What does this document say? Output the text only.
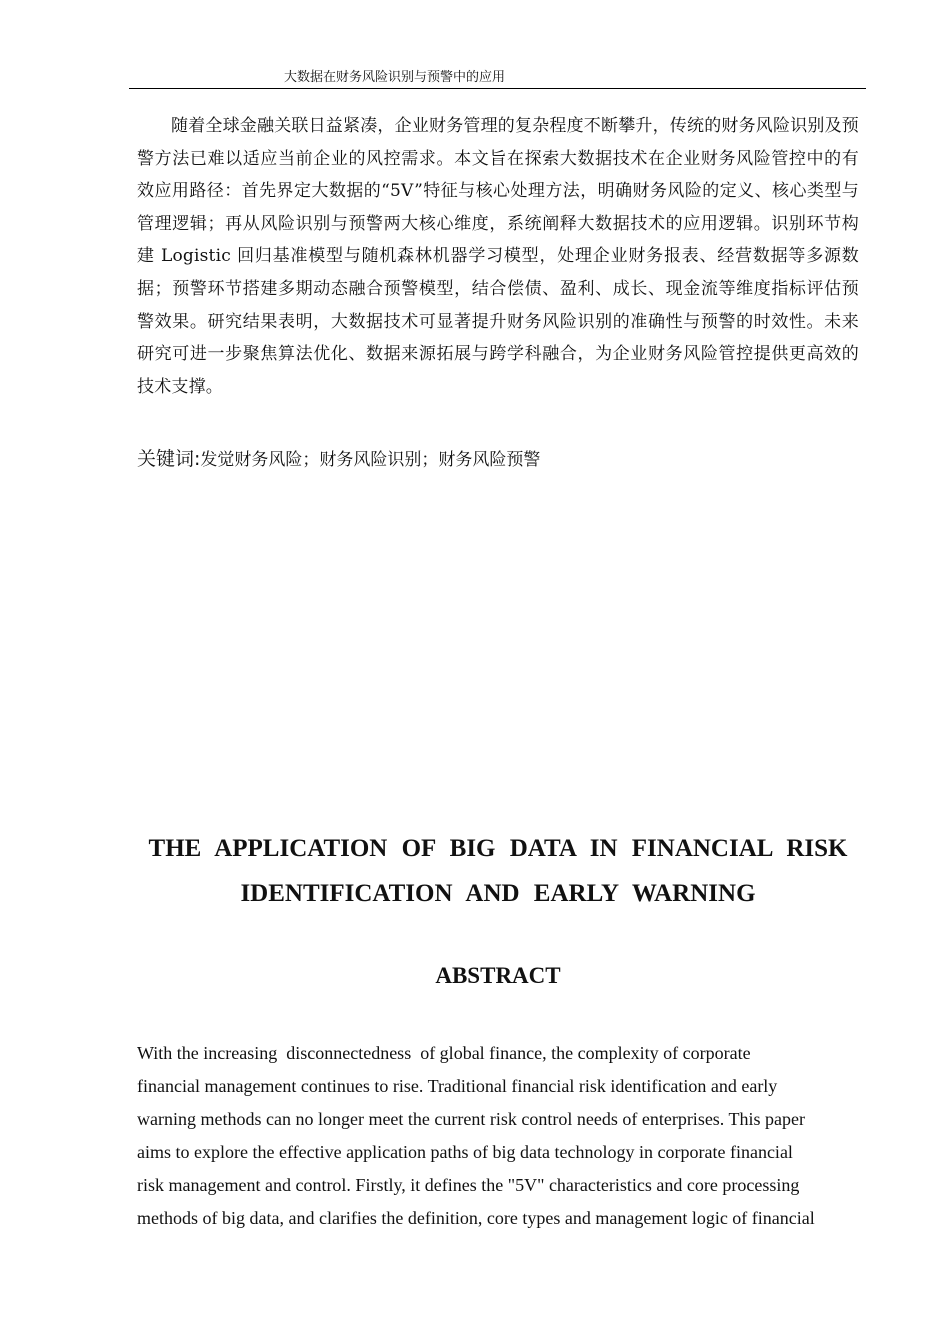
大数据在财务风险识别与预警中的应用

随着全球金融关联日益紧凑，企业财务管理的复杂程度不断攀升，传统的财务风险识别及预警方法已难以适应当前企业的风控需求。本文旨在探索大数据技术在企业财务风险管控中的有效应用路径：首先界定大数据的“5V”特征与核心处理方法，明确财务风险的定义、核心类型与管理逻辑；再从风险识别与预警两大核心维度，系统阐释大数据技术的应用逻辑。识别环节构建 Logistic 回归基准模型与随机森林机器学习模型，处理企业财务报表、经营数据等多源数据；预警环节搭建多期动态融合预警模型，结合偿债、盈利、成长、现金流等维度指标评估预警效果。研究结果表明，大数据技术可显著提升财务风险识别的准确性与预警的时效性。未来研究可进一步聚焦算法优化、数据来源拓展与跨学科融合，为企业财务风险管控提供更高效的技术支撑。

关键词:发觉财务风险；财务风险识别；财务风险预警

THE APPLICATION OF BIG DATA IN FINANCIAL RISK
IDENTIFICATION AND EARLY WARNING
ABSTRACT
With the increasing  disconnectedness  of global finance, the complexity of corporate
financial management continues to rise. Traditional financial risk identification and early
warning methods can no longer meet the current risk control needs of enterprises. This paper
aims to explore the effective application paths of big data technology in corporate financial
risk management and control. Firstly, it defines the "5V" characteristics and core processing
methods of big data, and clarifies the definition, core types and management logic of financial
